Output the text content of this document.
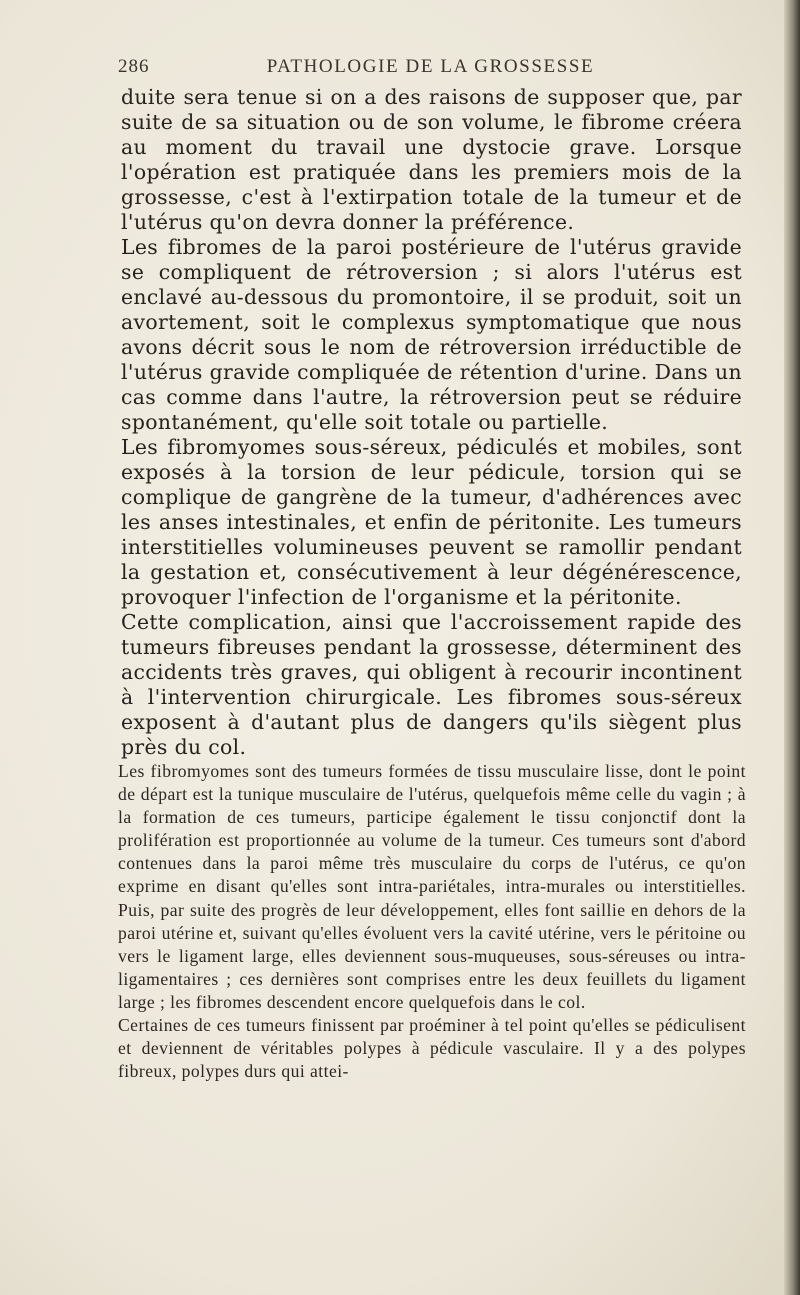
286	PATHOLOGIE DE LA GROSSESSE

duite sera tenue si on a des raisons de supposer que, par suite de sa situation ou de son volume, le fibrome créera au moment du travail une dystocie grave. Lorsque l'opération est pratiquée dans les premiers mois de la grossesse, c'est à l'extirpation totale de la tumeur et de l'utérus qu'on devra donner la préférence.

Les fibromes de la paroi postérieure de l'utérus gravide se compliquent de rétroversion ; si alors l'utérus est enclavé au-dessous du promontoire, il se produit, soit un avortement, soit le complexus symptomatique que nous avons décrit sous le nom de rétroversion irréductible de l'utérus gravide compliquée de rétention d'urine. Dans un cas comme dans l'autre, la rétroversion peut se réduire spontanément, qu'elle soit totale ou partielle.

Les fibromyomes sous-séreux, pédiculés et mobiles, sont exposés à la torsion de leur pédicule, torsion qui se complique de gangrène de la tumeur, d'adhérences avec les anses intestinales, et enfin de péritonite. Les tumeurs interstitielles volumineuses peuvent se ramollir pendant la gestation et, consécutivement à leur dégénérescence, provoquer l'infection de l'organisme et la péritonite.

Cette complication, ainsi que l'accroissement rapide des tumeurs fibreuses pendant la grossesse, déterminent des accidents très graves, qui obligent à recourir incontinent à l'intervention chirurgicale. Les fibromes sous-séreux exposent à d'autant plus de dangers qu'ils siègent plus près du col.

Les fibromyomes sont des tumeurs formées de tissu musculaire lisse, dont le point de départ est la tunique musculaire de l'utérus, quelquefois même celle du vagin ; à la formation de ces tumeurs, participe également le tissu conjonctif dont la prolifération est proportionnée au volume de la tumeur. Ces tumeurs sont d'abord contenues dans la paroi même très musculaire du corps de l'utérus, ce qu'on exprime en disant qu'elles sont intra-pariétales, intra-murales ou interstitielles. Puis, par suite des progrès de leur développement, elles font saillie en dehors de la paroi utérine et, suivant qu'elles évoluent vers la cavité utérine, vers le péritoine ou vers le ligament large, elles deviennent sous-muqueuses, sous-séreuses ou intra-ligamentaires ; ces dernières sont comprises entre les deux feuillets du ligament large ; les fibromes descendent encore quelquefois dans le col.

Certaines de ces tumeurs finissent par proéminer à tel point qu'elles se pédiculisent et deviennent de véritables polypes à pédicule vasculaire. Il y a des polypes fibreux, polypes durs qui attei-
